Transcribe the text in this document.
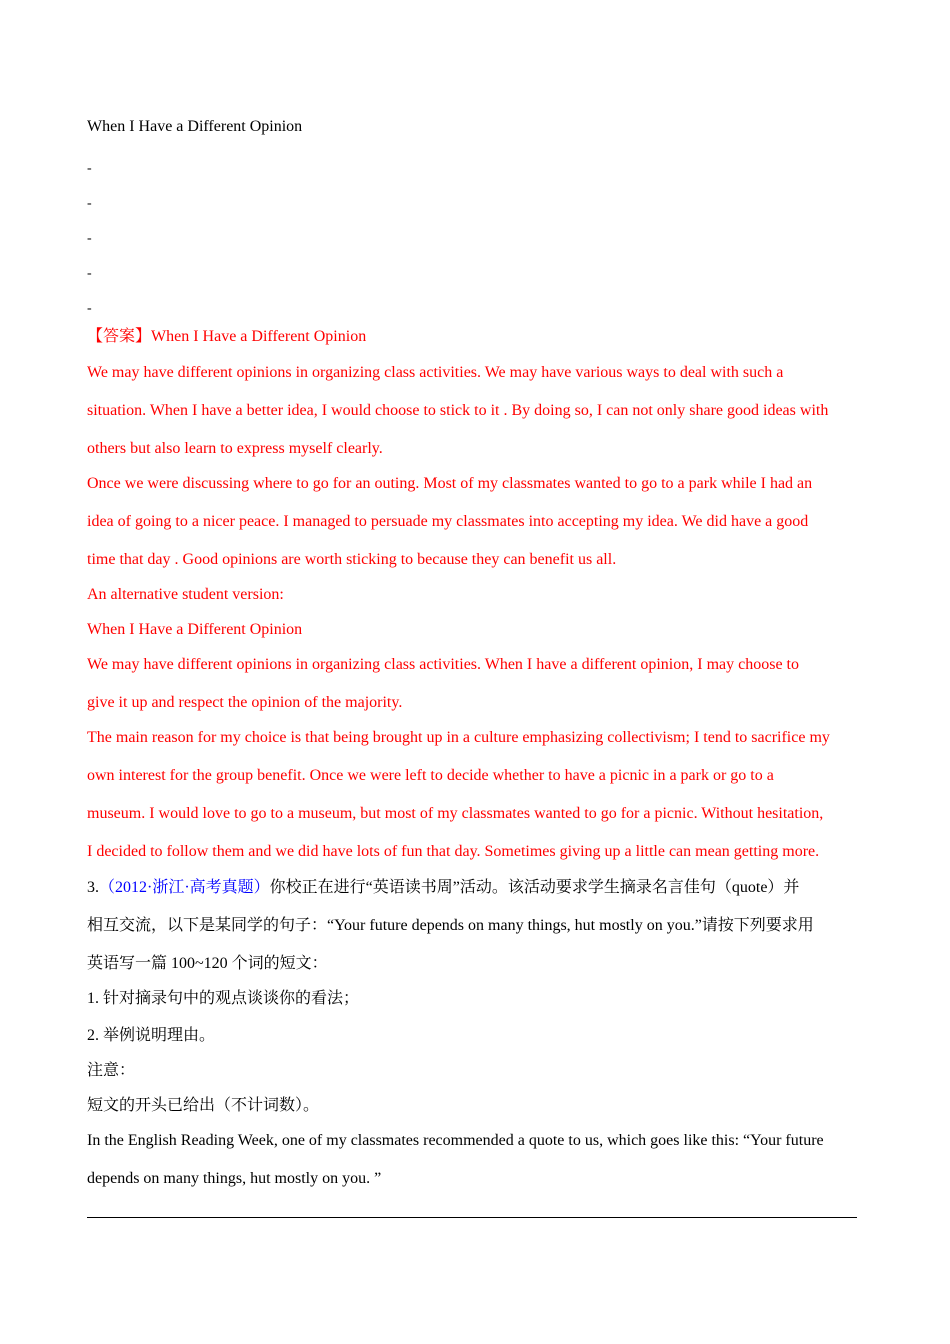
When I Have a Different Opinion
-
-
-
-
-
【答案】When I Have a Different Opinion
We may have different opinions in organizing class activities. We may have various ways to deal with such a
situation. When I have a better idea, I would choose to stick to it . By doing so, I can not only share good ideas with
others but also learn to express myself clearly.
Once we were discussing where to go for an outing. Most of my classmates wanted to go to a park while I had an
idea of going to a nicer peace. I managed to persuade my classmates into accepting my idea. We did have a good
time that day . Good opinions are worth sticking to because they can benefit us all.
An alternative student version:
When I Have a Different Opinion
We may have different opinions in organizing class activities. When I have a different opinion, I may choose to
give it up and respect the opinion of the majority.
The main reason for my choice is that being brought up in a culture emphasizing collectivism; I tend to sacrifice my
own interest for the group benefit. Once we were left to decide whether to have a picnic in a park or go to a
museum. I would love to go to a museum, but most of my classmates wanted to go for a picnic. Without hesitation,
I decided to follow them and we did have lots of fun that day. Sometimes giving up a little can mean getting more.
3.（2012·浙江·高考真题）你校正在进行“英语读书周”活动。该活动要求学生摘录名言佳句（quote）并
相互交流，以下是某同学的句子：“Your future depends on many things, hut mostly on you.”请按下列要求用
英语写一篇 100~120 个词的短文：
1. 针对摘录句中的观点谈谈你的看法；
2. 举例说明理由。
注意：
短文的开头已给出（不计词数）。
In the English Reading Week, one of my classmates recommended a quote to us, which goes like this: “Your future
depends on many things, hut mostly on you. ”
